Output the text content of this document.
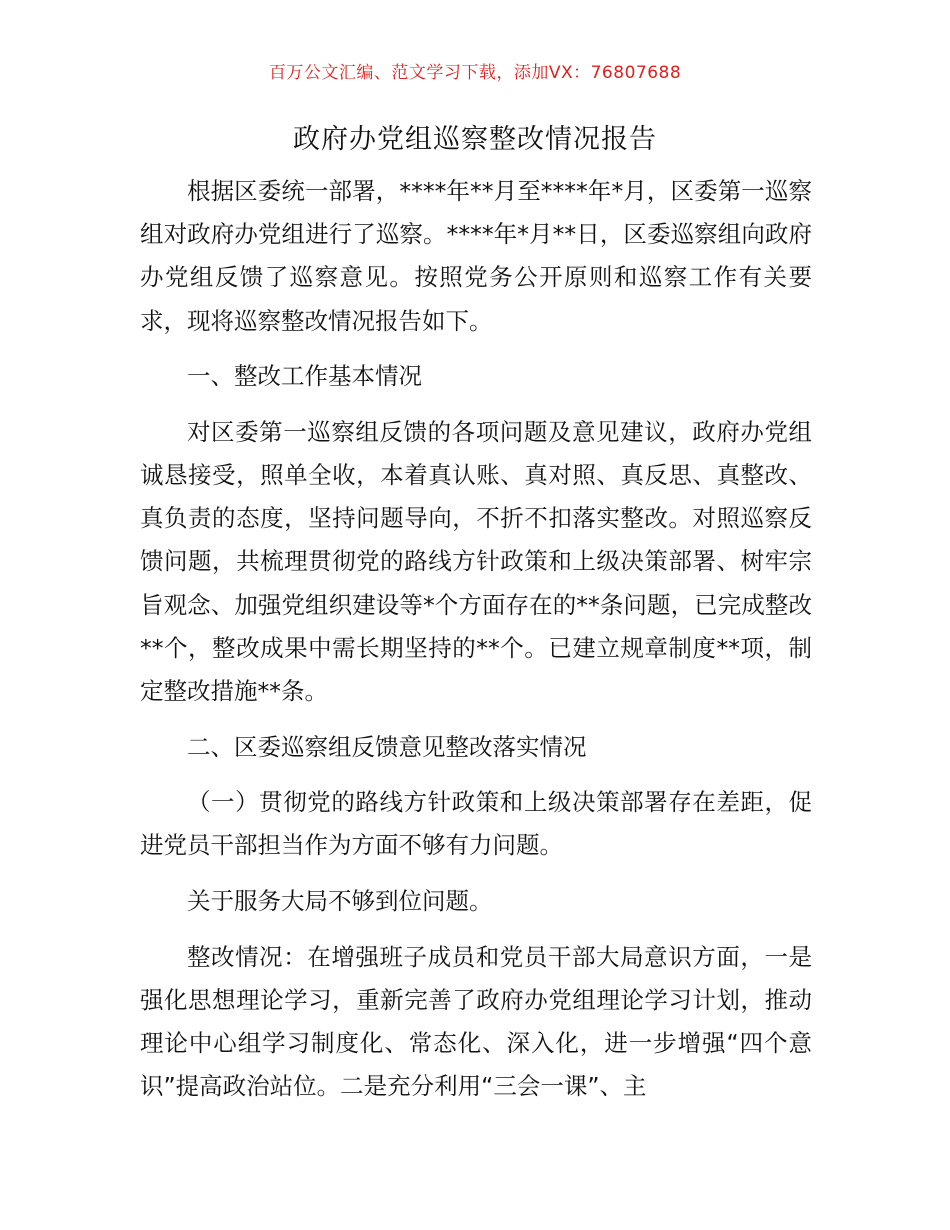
百万公文汇编、范文学习下载，添加VX：76807688
政府办党组巡察整改情况报告

根据区委统一部署，****年**月至****年*月，区委第一巡察组对政府办党组进行了巡察。****年*月**日，区委巡察组向政府办党组反馈了巡察意见。按照党务公开原则和巡察工作有关要求，现将巡察整改情况报告如下。

一、整改工作基本情况

对区委第一巡察组反馈的各项问题及意见建议，政府办党组诚恳接受，照单全收，本着真认账、真对照、真反思、真整改、真负责的态度，坚持问题导向，不折不扣落实整改。对照巡察反馈问题，共梳理贯彻党的路线方针政策和上级决策部署、树牢宗旨观念、加强党组织建设等*个方面存在的**条问题，已完成整改**个，整改成果中需长期坚持的**个。已建立规章制度**项，制定整改措施**条。

二、区委巡察组反馈意见整改落实情况

（一）贯彻党的路线方针政策和上级决策部署存在差距，促进党员干部担当作为方面不够有力问题。

关于服务大局不够到位问题。

整改情况：在增强班子成员和党员干部大局意识方面，一是强化思想理论学习，重新完善了政府办党组理论学习计划，推动理论中心组学习制度化、常态化、深入化，进一步增强“四个意识”提高政治站位。二是充分利用“三会一课”、主
